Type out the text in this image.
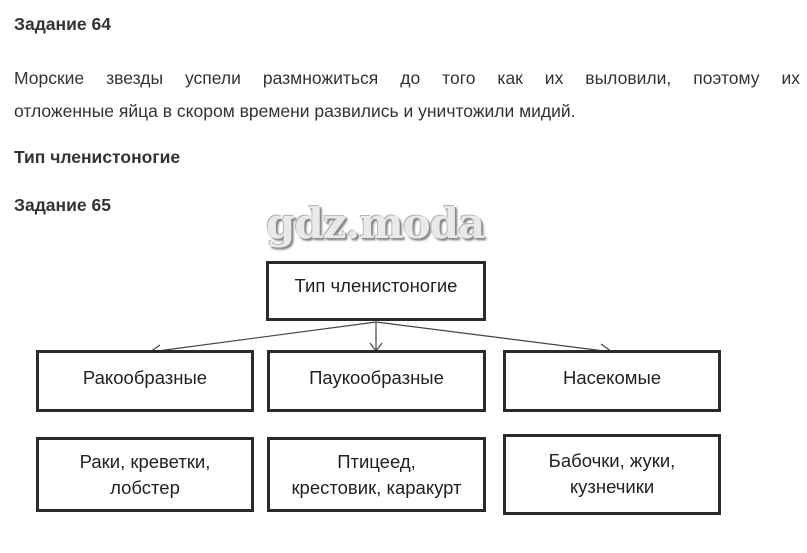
Задание 64
Морские звезды успели размножиться до того как их выловили, поэтому их
отложенные яйца в скором времени развились и уничтожили мидий.
Тип членистоногие
Задание 65	gdz.moda
Тип членистоногие
Ракообразные	Паукообразные	Насекомые
Раки, креветки,
лобстер
Птицеед,
крестовик, каракурт
Бабочки, жуки,
кузнечики
